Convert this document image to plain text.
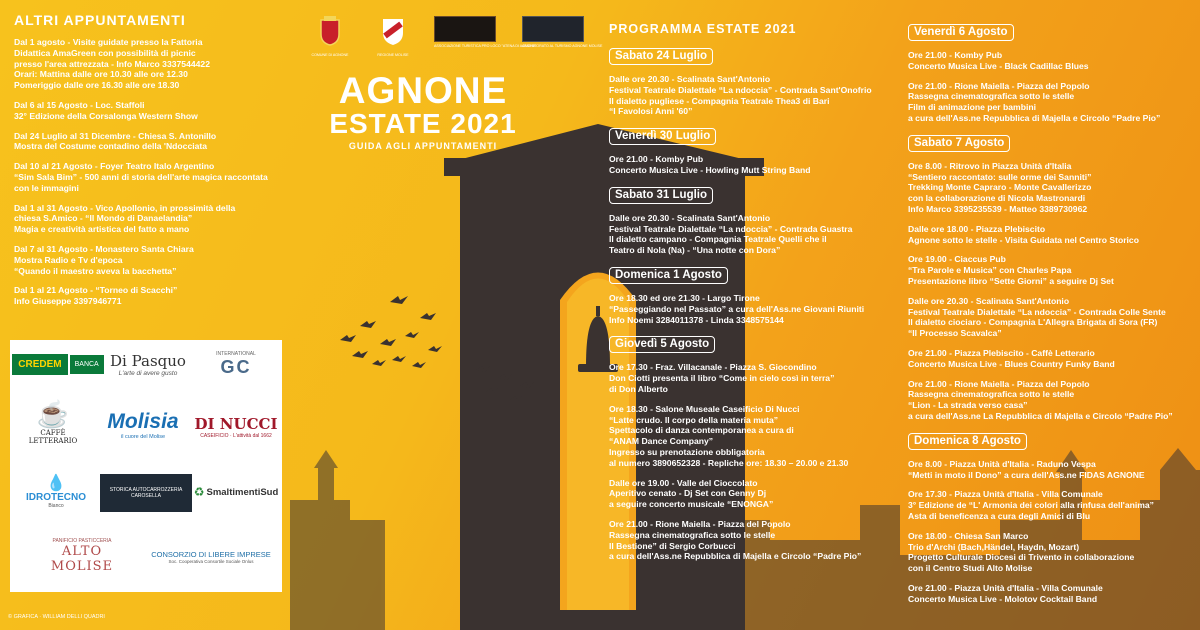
ALTRI APPUNTAMENTI
Dal 1 agosto - Visite guidate presso la Fattoria
Didattica AmaGreen con possibilità di picnic
presso l'area attrezzata - Info Marco 3337544422
Orari: Mattina dalle ore 10.30 alle ore 12.30
Pomeriggio dalle ore 16.30 alle ore 18.30
Dal 6 al 15 Agosto - Loc. Staffoli
32° Edizione della Corsalonga Western Show
Dal 24 Luglio al 31 Dicembre - Chiesa S. Antonillo
Mostra del Costume contadino della 'Ndocciata
Dal 10 al 21 Agosto - Foyer Teatro Italo Argentino
“Sim Sala Bim” - 500 anni di storia dell'arte magica raccontata
con le immagini
Dal 1 al 31 Agosto - Vico Apollonio, in prossimità della
chiesa S.Amico - “Il Mondo di Danaelandia”
Magia e creatività artistica del fatto a mano
Dal 7 al 31 Agosto - Monastero Santa Chiara
Mostra Radio e Tv d'epoca
“Quando il maestro aveva la bacchetta”
Dal 1 al 21 Agosto - “Torneo di Scacchi”
Info Giuseppe 3397946771
CREDEM	BANCA Di Pasquo
L'arte di avere gusto
INTERNATIONAL
GC
☕
CAFFÈ LETTERARIO
Molisia
il cuore del Molise
DI NUCCI
CASEIFICIO · L'attività dal 1662
💧
IDROTECNO
Bianco
STORICA AUTOCARROZZERIA CAROSELLA	♻ SmaltimentiSud
PANIFICIO PASTICCERIA
ALTO MOLISE
CONSORZIO DI LIBERE IMPRESE
Soc. Cooperativa Consortile Sociale Onlus
COMUNE DI AGNONE	REGIONE MOLISE
ASSOCIAZIONE TURISTICA PRO LOCO "ATENA DI AGNONE"
ASSESSORATO AL TURISMO AGNONE MOLISE
AGNONE
ESTATE 2021
GUIDA AGLI APPUNTAMENTI
PROGRAMMA ESTATE 2021
Sabato 24 Luglio
Dalle ore 20.30 - Scalinata Sant'Antonio
Festival Teatrale Dialettale “La ndoccia” - Contrada Sant'Onofrio
Il dialetto pugliese - Compagnia Teatrale Thea3 di Bari
“I Favolosi Anni '60”
Venerdì 30 Luglio
Ore 21.00 - Komby Pub
Concerto Musica Live - Howling Mutt String Band
Sabato 31 Luglio
Dalle ore 20.30 - Scalinata Sant'Antonio
Festival Teatrale Dialettale “La ndoccia” - Contrada Guastra
Il dialetto campano - Compagnia Teatrale Quelli che il
Teatro di Nola (Na) - “Una notte con Dora”
Domenica 1 Agosto
Ore 18.30 ed ore 21.30 - Largo Tirone
“Passeggiando nel Passato” a cura dell'Ass.ne Giovani Riuniti
Info Noemi 3284011378 - Linda 3348575144
Giovedì 5 Agosto
Ore 17.30 - Fraz. Villacanale - Piazza S. Giocondino
Don Ciotti presenta il libro “Come in cielo così in terra”
di Don Alberto
Ore 18.30 - Salone Museale Caseificio Di Nucci
“Latte crudo. Il corpo della materia muta”
Spettacolo di danza contemporanea a cura di
“ANAM Dance Company”
Ingresso su prenotazione obbligatoria
al numero 3890652328 - Repliche ore: 18.30 – 20.00 e 21.30
Dalle ore 19.00 - Valle del Cioccolato
Aperitivo cenato - Dj Set con Genny Dj
a seguire concerto musicale “ENONGA”
Ore 21.00 - Rione Maiella - Piazza del Popolo
Rassegna cinematografica sotto le stelle
Il Bestione” di Sergio Corbucci
a cura dell'Ass.ne Repubblica di Majella e Circolo “Padre Pio”
Venerdì 6 Agosto
Ore 21.00 - Komby Pub
Concerto Musica Live - Black Cadillac Blues
Ore 21.00 - Rione Maiella - Piazza del Popolo
Rassegna cinematografica sotto le stelle
Film di animazione per bambini
a cura dell'Ass.ne Repubblica di Majella e Circolo “Padre Pio”
Sabato 7 Agosto
Ore 8.00 - Ritrovo in Piazza Unità d'Italia
“Sentiero raccontato: sulle orme dei Sanniti”
Trekking Monte Capraro - Monte Cavallerizzo
con la collaborazione di Nicola Mastronardi
Info Marco 3395235539 - Matteo 3389730962
Dalle ore 18.00 - Piazza Plebiscito
Agnone sotto le stelle - Visita Guidata nel Centro Storico
Ore 19.00 - Ciaccus Pub
“Tra Parole e Musica” con Charles Papa
Presentazione libro “Sette Giorni” a seguire Dj Set
Dalle ore 20.30 - Scalinata Sant'Antonio
Festival Teatrale Dialettale “La ndoccia” - Contrada Colle Sente
Il dialetto ciociaro - Compagnia L'Allegra Brigata di Sora (FR)
“Il Processo Scavalca”
Ore 21.00 - Piazza Plebiscito - Caffè Letterario
Concerto Musica Live - Blues Country Funky Band
Ore 21.00 - Rione Maiella - Piazza del Popolo
Rassegna cinematografica sotto le stelle
“Lion - La strada verso casa”
a cura dell'Ass.ne La Repubblica di Majella e Circolo “Padre Pio”
Domenica 8 Agosto
Ore 8.00 - Piazza Unità d'Italia - Raduno Vespa
“Metti in moto il Dono” a cura dell'Ass.ne FIDAS AGNONE
Ore 17.30 - Piazza Unità d'Italia - Villa Comunale
3° Edizione de “L' Armonia dei colori alla rinfusa dell'anima”
Asta di beneficenza a cura degli Amici di Blu
Ore 18.00 - Chiesa San Marco
Trio d'Archi (Bach,Händel, Haydn, Mozart)
Progetto Culturale Diocesi di Trivento in collaborazione
con il Centro Studi Alto Molise
Ore 21.00 - Piazza Unità d'Italia - Villa Comunale
Concerto Musica Live - Molotov Cocktail Band
© GRAFICA · WILLIAM DELLI QUADRI
